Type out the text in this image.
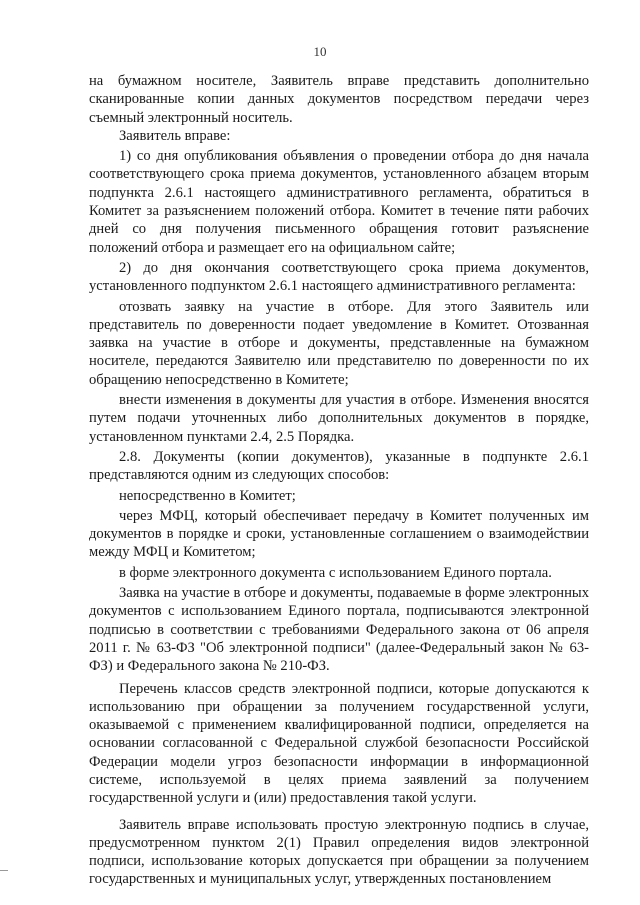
10

на бумажном носителе, Заявитель вправе представить дополнительно сканированные копии данных документов посредством передачи через съемный электронный носитель.

Заявитель вправе:

1) со дня опубликования объявления о проведении отбора до дня начала соответствующего срока приема документов, установленного абзацем вторым подпункта 2.6.1 настоящего административного регламента, обратиться в Комитет за разъяснением положений отбора. Комитет в течение пяти рабочих дней со дня получения письменного обращения готовит разъяснение положений отбора и размещает его на официальном сайте;

2) до дня окончания соответствующего срока приема документов, установленного подпунктом 2.6.1 настоящего административного регламента:

отозвать заявку на участие в отборе. Для этого Заявитель или представитель по доверенности подает уведомление в Комитет. Отозванная заявка на участие в отборе и документы, представленные на бумажном носителе, передаются Заявителю или представителю по доверенности по их обращению непосредственно в Комитете;

внести изменения в документы для участия в отборе. Изменения вносятся путем подачи уточненных либо дополнительных документов в порядке, установленном пунктами 2.4, 2.5 Порядка.

2.8. Документы (копии документов), указанные в подпункте 2.6.1 представляются одним из следующих способов:

непосредственно в Комитет;

через МФЦ, который обеспечивает передачу в Комитет полученных им документов в порядке и сроки, установленные соглашением о взаимодействии между МФЦ и Комитетом;

в форме электронного документа с использованием Единого портала.

Заявка на участие в отборе и документы, подаваемые в форме электронных документов с использованием Единого портала, подписываются электронной подписью в соответствии с требованиями Федерального закона от 06 апреля 2011 г. № 63-ФЗ "Об электронной подписи" (далее-Федеральный закон № 63-ФЗ) и Федерального закона № 210-ФЗ.

Перечень классов средств электронной подписи, которые допускаются к использованию при обращении за получением государственной услуги, оказываемой с применением квалифицированной подписи, определяется на основании согласованной с Федеральной службой безопасности Российской Федерации модели угроз безопасности информации в информационной системе, используемой в целях приема заявлений за получением государственной услуги и (или) предоставления такой услуги.

Заявитель вправе использовать простую электронную подпись в случае, предусмотренном пунктом 2(1) Правил определения видов электронной подписи, использование которых допускается при обращении за получением государственных и муниципальных услуг, утвержденных постановлением
